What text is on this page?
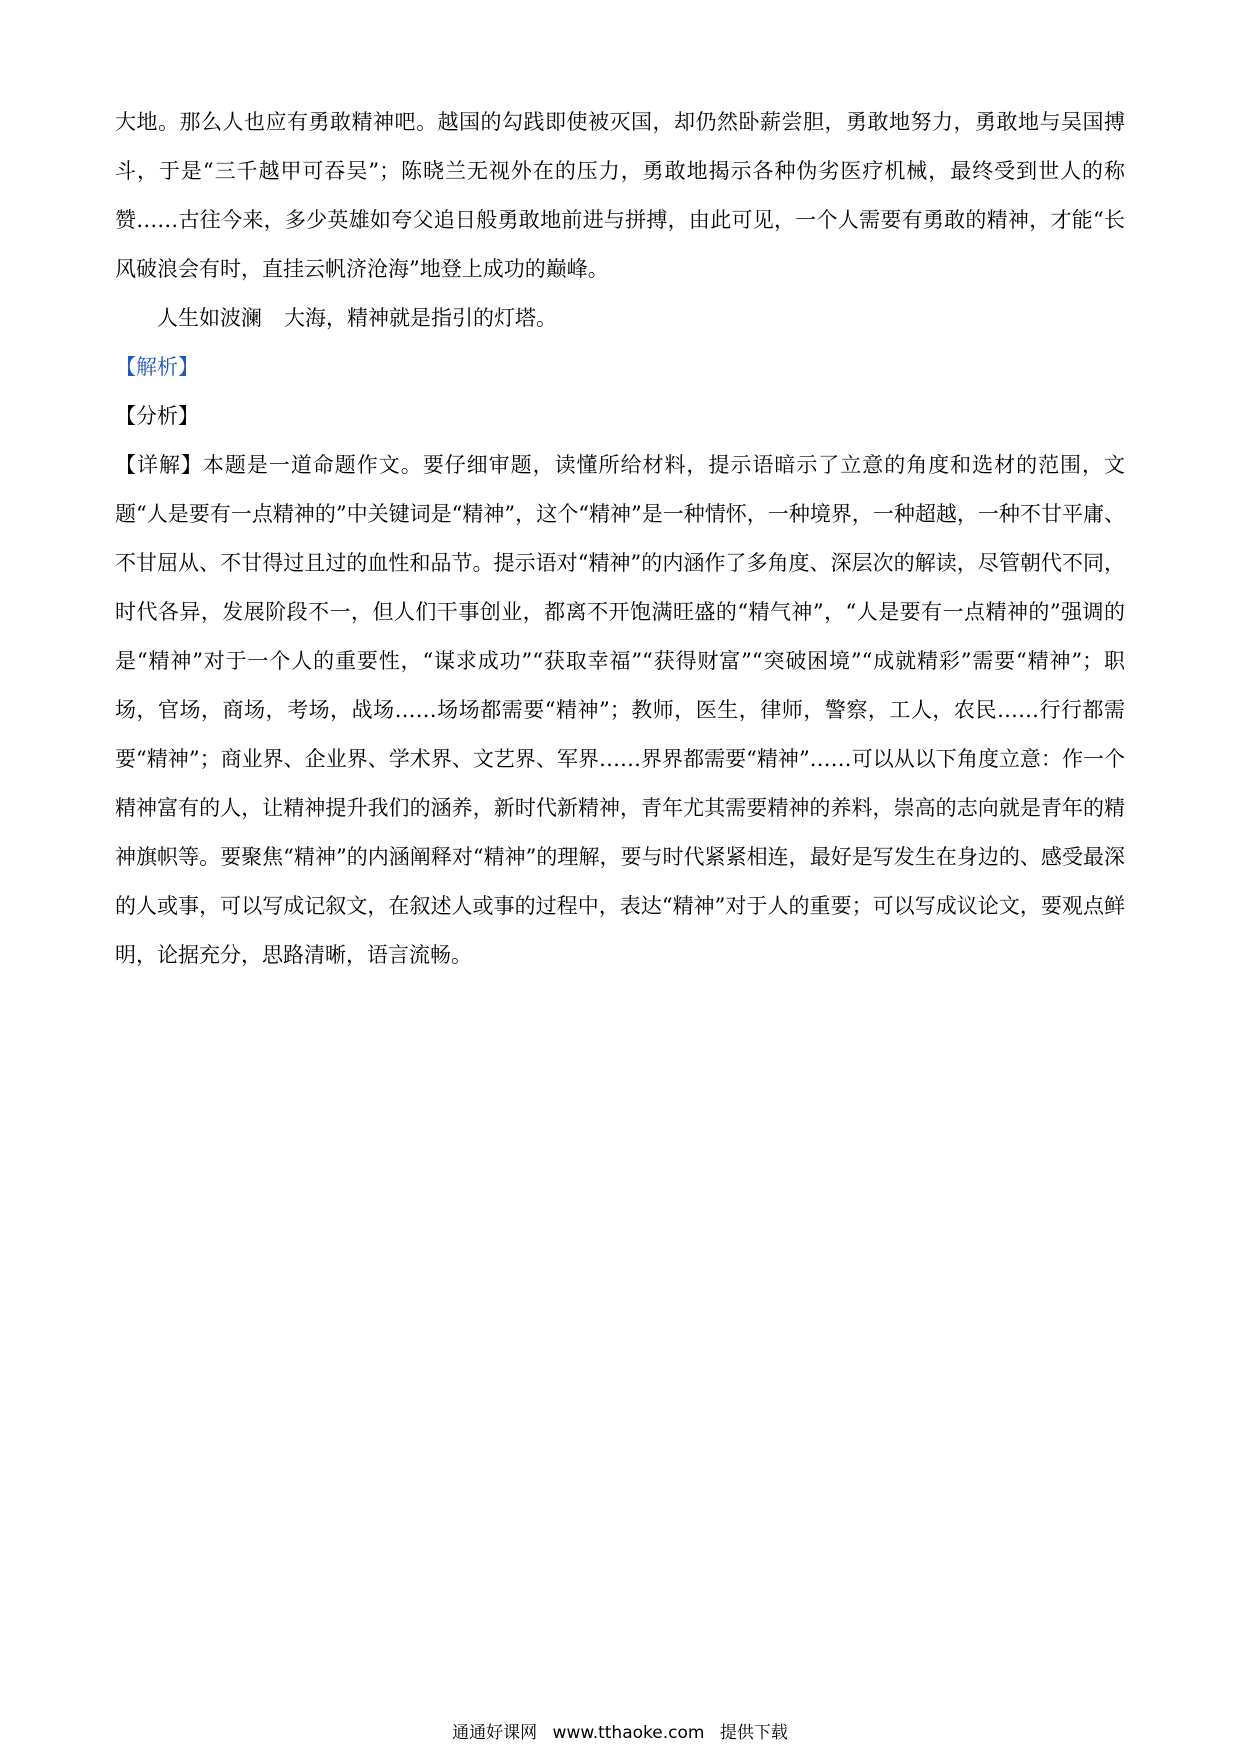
大地。那么人也应有勇敢精神吧。越国的勾践即使被灭国，却仍然卧薪尝胆，勇敢地努力，勇敢地与吴国搏斗，于是“三千越甲可吞吴”；陈晓兰无视外在的压力，勇敢地揭示各种伪劣医疗机械，最终受到世人的称赞……古往今来，多少英雄如夸父追日般勇敢地前进与拼搏，由此可见，一个人需要有勇敢的精神，才能“长风破浪会有时，直挂云帆济沧海”地登上成功的巅峰。

人生如波澜 大海，精神就是指引的灯塔。

【解析】

【分析】

【详解】本题是一道命题作文。要仔细审题，读懂所给材料，提示语暗示了立意的角度和选材的范围，文题“人是要有一点精神的”中关键词是“精神”，这个“精神”是一种情怀，一种境界，一种超越，一种不甘平庸、不甘屈从、不甘得过且过的血性和品节。提示语对“精神”的内涵作了多角度、深层次的解读，尽管朝代不同，时代各异，发展阶段不一，但人们干事创业，都离不开饱满旺盛的“精气神”，“人是要有一点精神的”强调的是“精神”对于一个人的重要性，“谋求成功”“获取幸福”“获得财富”“突破困境”“成就精彩”需要“精神”；职场，官场，商场，考场，战场……场场都需要“精神”；教师，医生，律师，警察，工人，农民……行行都需要“精神”；商业界、企业界、学术界、文艺界、军界……界界都需要“精神”……可以从以下角度立意：作一个精神富有的人，让精神提升我们的涵养，新时代新精神，青年尤其需要精神的养料，崇高的志向就是青年的精神旗帜等。要聚焦“精神”的内涵阐释对“精神”的理解，要与时代紧紧相连，最好是写发生在身边的、感受最深的人或事，可以写成记叙文，在叙述人或事的过程中，表达“精神”对于人的重要；可以写成议论文，要观点鲜明，论据充分，思路清晰，语言流畅。

通通好课网 www.tthaoke.com 提供下载
